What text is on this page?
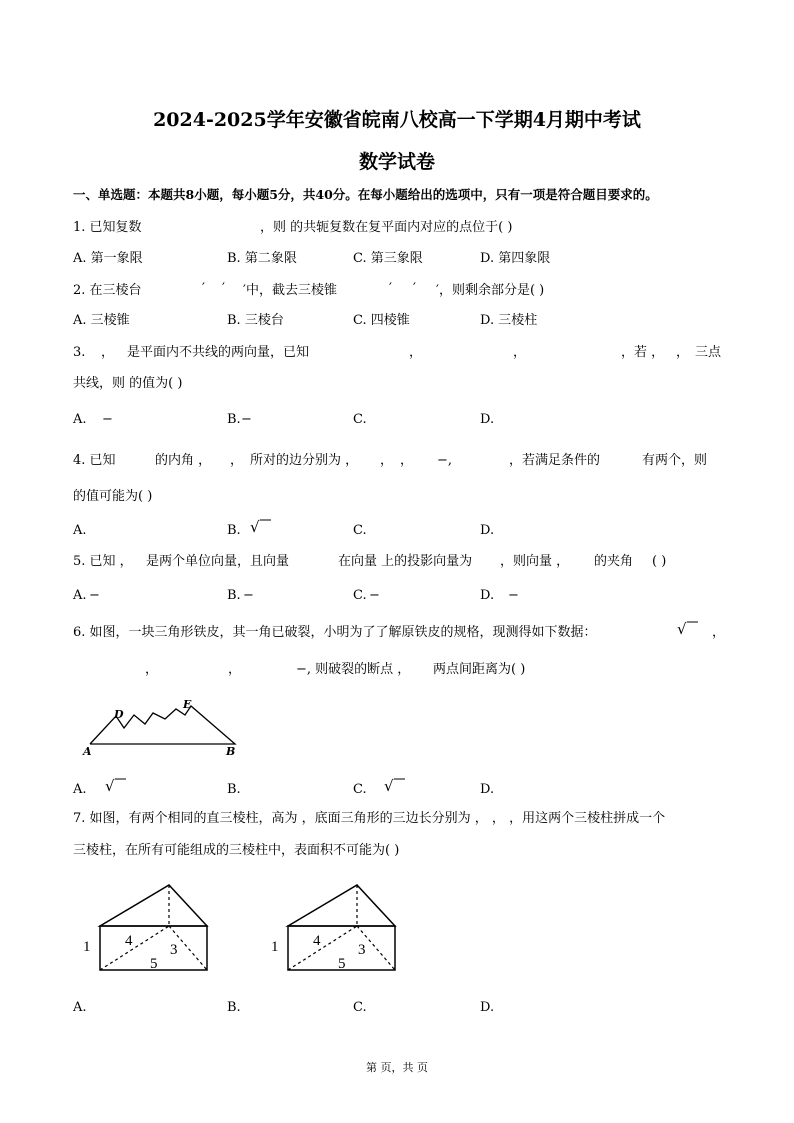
2024-2025学年安徽省皖南八校高一下学期4月期中考试
数学试卷
一、单选题：本题共8小题，每小题5分，共40分。在每小题给出的选项中，只有一项是符合题目要求的。
1. 已知复数	，则 的共轭复数在复平面内对应的点位于( )
A. 第一象限	B. 第二象限	C. 第三象限	D. 第四象限
2. 在三棱台	′ ′ ′中，截去三棱锥	′ ′ ′，则剩余部分是( )
A. 三棱锥	B. 三棱台	C. 四棱锥	D. 三棱柱
3. ， 是平面内不共线的两向量，已知	，	，	，若 ， ， 三点
共线，则 的值为( )
A. −	B. −	C.	D.
4. 已知	的内角 ， ， 所对的边分别为 ， ， ， −,	，若满足条件的	有两个，则
的值可能为( )
A.	B. √	C.	D.
5. 已知 ， 是两个单位向量，且向量	在向量 上的投影向量为 ，则向量 ， 的夹角 ( )
A. −	B. −	C. −	D. −
6. 如图，一块三角形铁皮，其一角已破裂，小明为了了解原铁皮的规格，现测得如下数据：	√ ，
，	，	−, 则破裂的断点 ， 两点间距离为( )
A	B
D
E
A. √	B.	C. √	D.
7. 如图，有两个相同的直三棱柱，高为 ，底面三角形的三边长分别为 ， ， ，用这两个三棱柱拼成一个
三棱柱，在所有可能组成的三棱柱中，表面积不可能为( )
1 4
3
5
1 4
3
5
A.	B.	C.	D.
第 页，共 页
